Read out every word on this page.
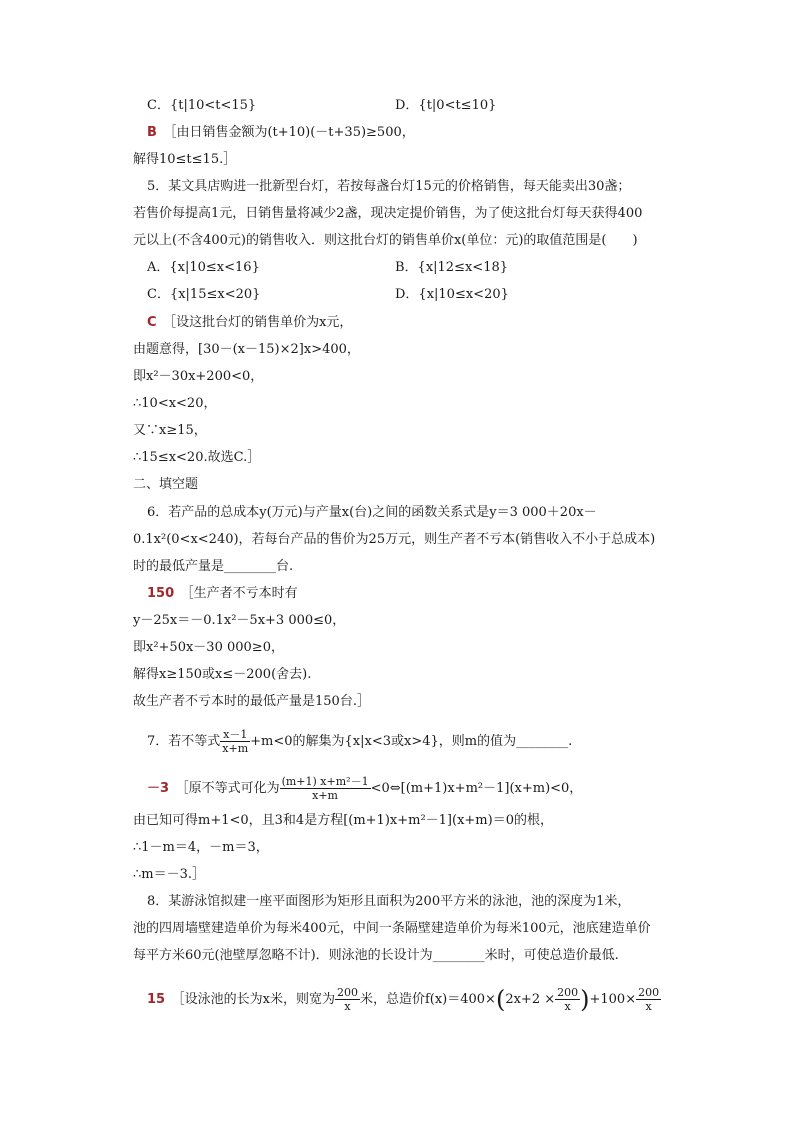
C．{t|10<t<15}	D．{t|0<t≤10}
B　 ［由日销售金额为(t+10)(－t+35)≥500，
解得10≤t≤15.］
5．某文具店购进一批新型台灯，若按每盏台灯15元的价格销售，每天能卖出30盏；
若售价每提高1元，日销售量将减少2盏，现决定提价销售，为了使这批台灯每天获得400
元以上(不含400元)的销售收入．则这批台灯的销售单价x(单位：元)的取值范围是(　　)
A．{x|10≤x<16}	B．{x|12≤x<18}
C．{x|15≤x<20}	D．{x|10≤x<20}
C　 ［设这批台灯的销售单价为x元，
由题意得，[30－(x－15)×2]x>400，
即x²－30x+200<0，
∴10<x<20，
又∵x≥15，
∴15≤x<20.故选C.］
二、填空题
6．若产品的总成本y(万元)与产量x(台)之间的函数关系式是y＝3 000＋20x－
0.1x²(0<x<240)，若每台产品的售价为25万元，则生产者不亏本(销售收入不小于总成本)
时的最低产量是________台.
150　 ［生产者不亏本时有
y－25x＝－0.1x²－5x+3 000≤0，
即x²+50x－30 000≥0，
解得x≥150或x≤－200(舍去).
故生产者不亏本时的最低产量是150台.］
7．若不等式 $\frac{x-1}{x+m} +m<0$的解集为{x|x<3或x>4}，则m的值为________.
－3　 ［原不等式可化为 $\frac{\text{(m+1) x+m²－1}}{x+m}$ <0⇔[(m+1)x+m²－1](x+m)<0，
由已知可得m+1<0，且3和4是方程[(m+1)x+m²－1](x+m)＝0的根，
∴1－m＝4，－m＝3，
∴m＝－3.］
8．某游泳馆拟建一座平面图形为矩形且面积为200平方米的泳池，池的深度为1米，
池的四周墙壁建造单价为每米400元，中间一条隔壁建造单价为每米100元，池底建造单价
每平方米60元(池壁厚忽略不计)．则泳池的长设计为________米时，可使总造价最低.
15　 ［设泳池的长为x米，则宽为 $\frac{200}{x}$ 米，总造价$f(x)=400\times(2x+2 \times \frac{200}{x} )+100\times \frac{200}{x}$
